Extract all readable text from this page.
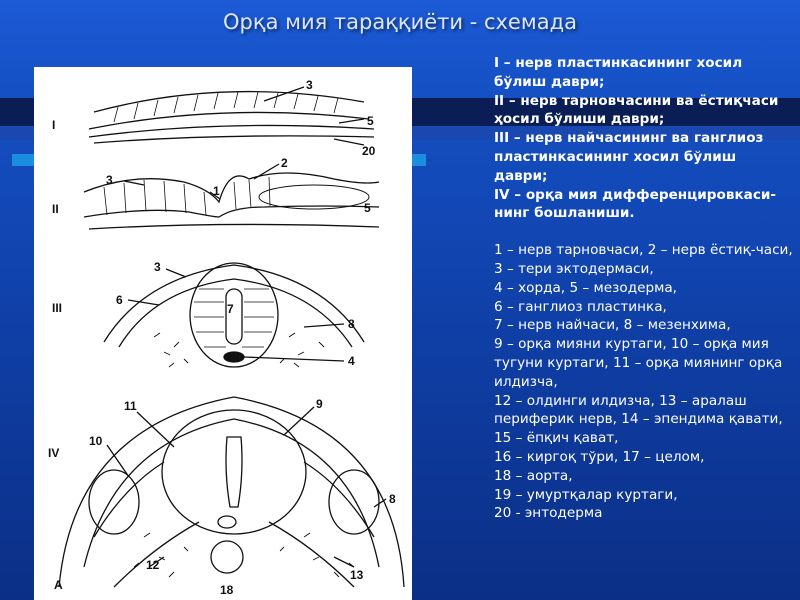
Орқа мия тараққиёти - схемада
I
II
III
IV
A
3
5
20
2
3
1
5
3
6
7
8
4
11	9
10
8
12
18
13

I – нерв пластинкасининг хосил бўлиш даври;

II – нерв тарновчасини ва ёстиқчаси ҳосил бўлиши даври;

III – нерв найчасининг ва ганглиоз пластинкасининг хосил бўлиш даври;

IV – орқа мия дифференцировкаси-нинг бошланиши.

1 – нерв тарновчаси, 2 – нерв ёстиқ-часи, 3 – тери эктодермаси,

4 – хорда, 5 – мезодерма,

6 – ганглиоз пластинка,

7 – нерв найчаси, 8 – мезенхима,

9 – орқа мияни куртаги, 10 – орқа мия тугуни куртаги, 11 – орқа миянинг орқа илдизча,

12 – олдинги илдизча, 13 – аралаш периферик нерв, 14 – эпендима қавати, 15 – ёпқич қават,

16 – киргоқ тўри, 17 – целом,

18 – аорта,

19 – умуртқалар куртаги,

20 - энтодерма
